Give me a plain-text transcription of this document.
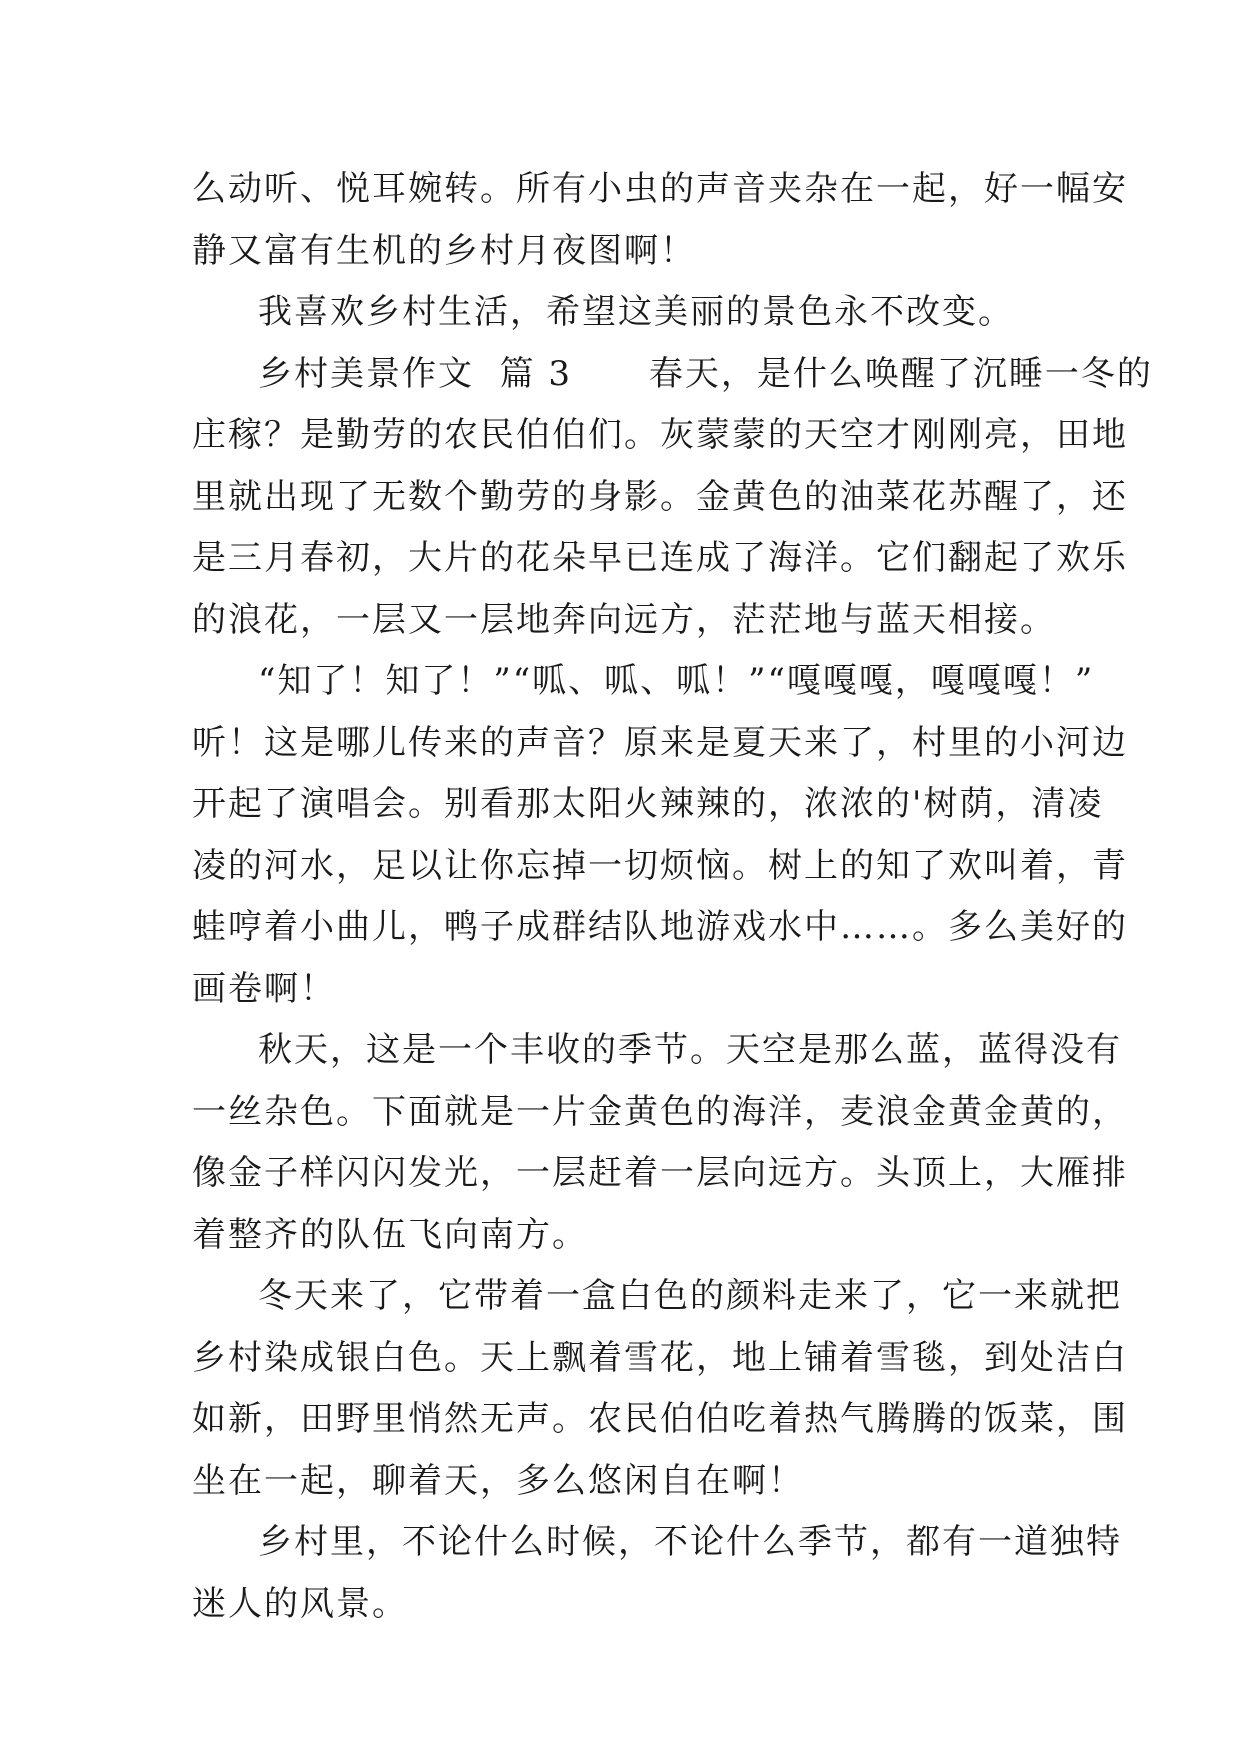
么动听、悦耳婉转。所有小虫的声音夹杂在一起，好一幅安
静又富有生机的乡村月夜图啊！
我喜欢乡村生活，希望这美丽的景色永不改变。
乡村美景作文  篇 3      春天，是什么唤醒了沉睡一冬的
庄稼？是勤劳的农民伯伯们。灰蒙蒙的天空才刚刚亮，田地
里就出现了无数个勤劳的身影。金黄色的油菜花苏醒了，还
是三月春初，大片的花朵早已连成了海洋。它们翻起了欢乐
的浪花，一层又一层地奔向远方，茫茫地与蓝天相接。
“知了！知了！”“呱、呱、呱！”“嘎嘎嘎，嘎嘎嘎！”
听！这是哪儿传来的声音？原来是夏天来了，村里的小河边
开起了演唱会。别看那太阳火辣辣的，浓浓的'树荫，清凌
凌的河水，足以让你忘掉一切烦恼。树上的知了欢叫着，青
蛙哼着小曲儿，鸭子成群结队地游戏水中……。多么美好的
画卷啊！
秋天，这是一个丰收的季节。天空是那么蓝，蓝得没有
一丝杂色。下面就是一片金黄色的海洋，麦浪金黄金黄的，
像金子样闪闪发光，一层赶着一层向远方。头顶上，大雁排
着整齐的队伍飞向南方。
冬天来了，它带着一盒白色的颜料走来了，它一来就把
乡村染成银白色。天上飘着雪花，地上铺着雪毯，到处洁白
如新，田野里悄然无声。农民伯伯吃着热气腾腾的饭菜，围
坐在一起，聊着天，多么悠闲自在啊！
乡村里，不论什么时候，不论什么季节，都有一道独特
迷人的风景。
